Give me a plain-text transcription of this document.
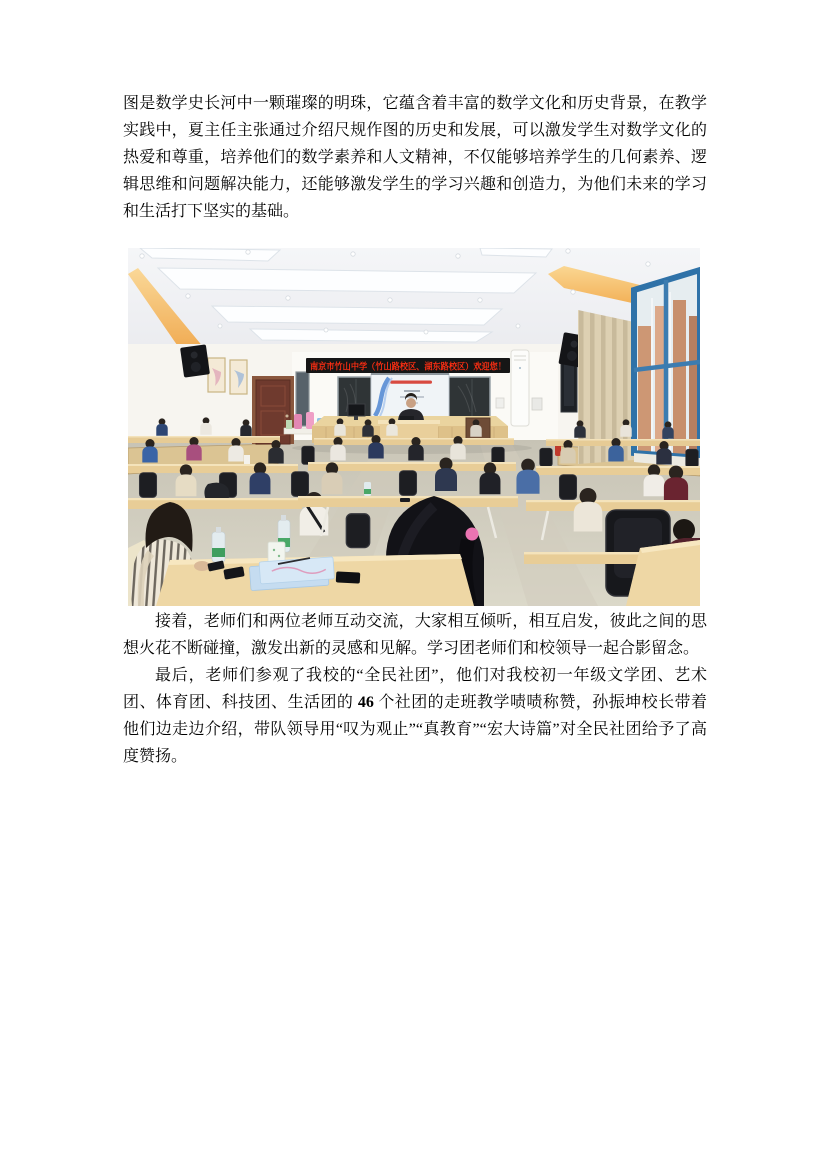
图是数学史长河中一颗璀璨的明珠，它蕴含着丰富的数学文化和历史背景，在教学实践中，夏主任主张通过介绍尺规作图的历史和发展，可以激发学生对数学文化的热爱和尊重，培养他们的数学素养和人文精神，不仅能够培养学生的几何素养、逻辑思维和问题解决能力，还能够激发学生的学习兴趣和创造力，为他们未来的学习和生活打下坚实的基础。
南京市竹山中学（竹山路校区、湖东路校区）欢迎您！

接着，老师们和两位老师互动交流，大家相互倾听，相互启发，彼此之间的思想火花不断碰撞，激发出新的灵感和见解。学习团老师们和校领导一起合影留念。

最后，老师们参观了我校的“全民社团”，他们对我校初一年级文学团、艺术团、体育团、科技团、生活团的 46 个社团的走班教学啧啧称赞，孙振坤校长带着他们边走边介绍，带队领导用“叹为观止”“真教育”“宏大诗篇”对全民社团给予了高度赞扬。
